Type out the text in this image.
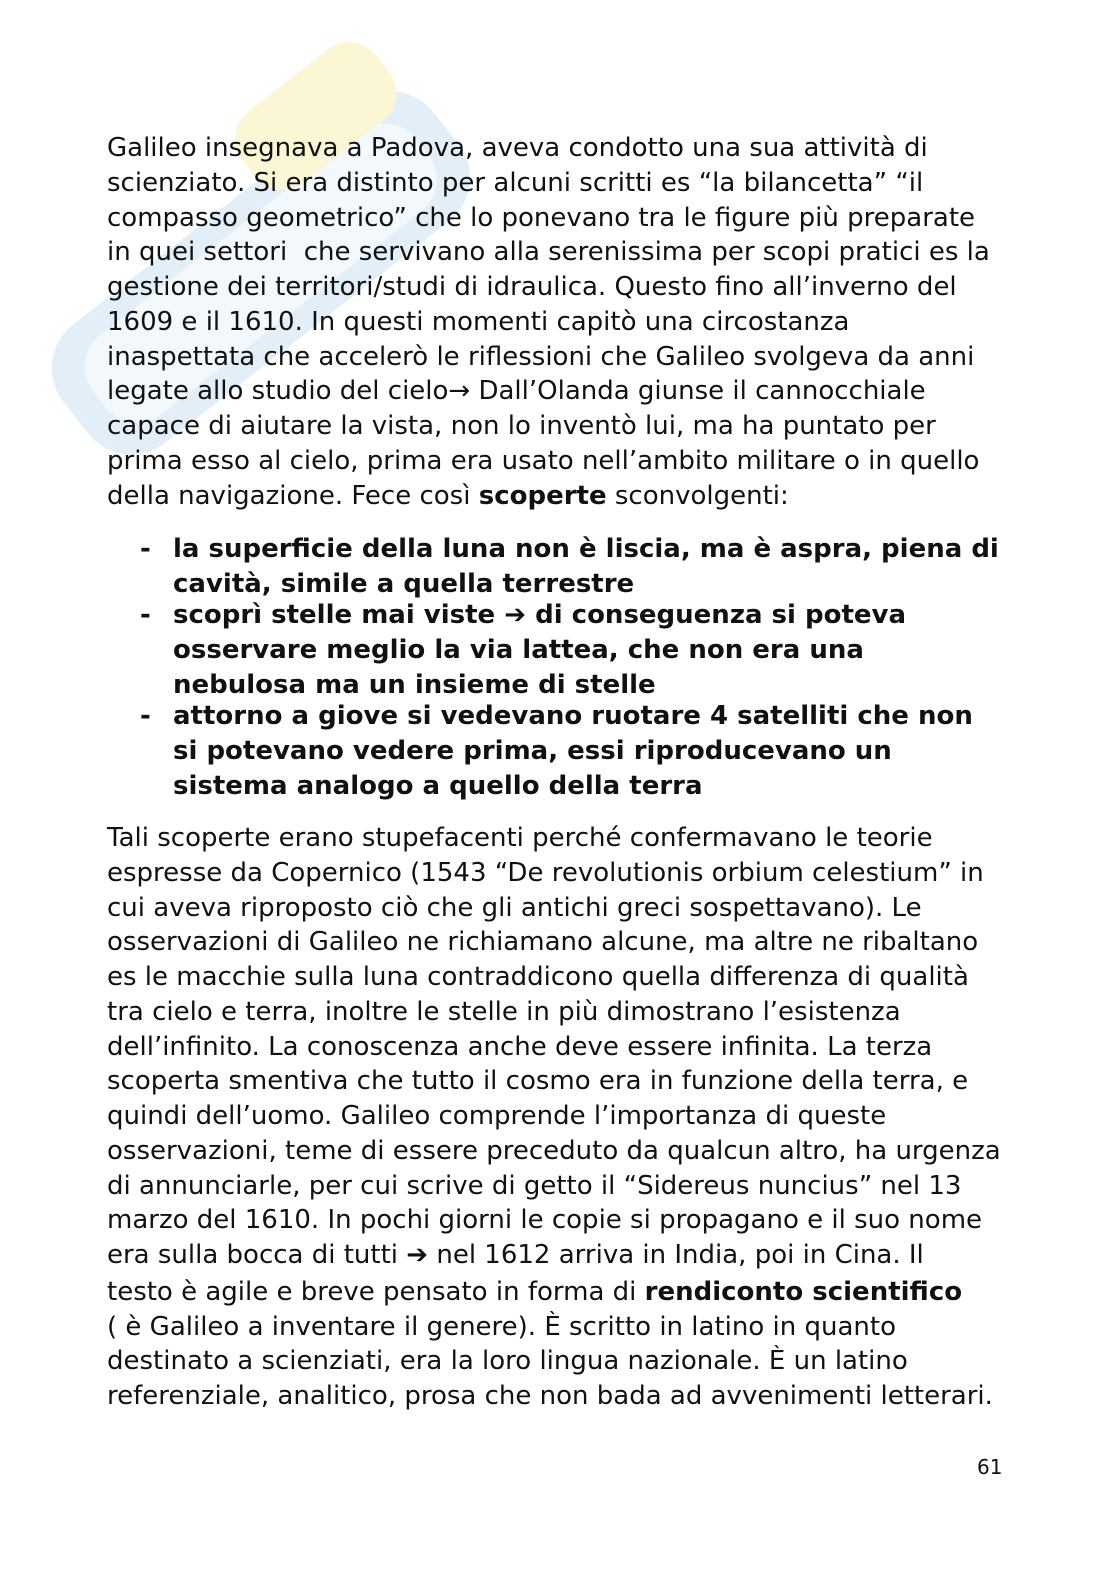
Galileo insegnava a Padova, aveva condotto una sua attività di
scienziato. Si era distinto per alcuni scritti es “la bilancetta” “il
compasso geometrico” che lo ponevano tra le figure più preparate
in quei settori  che servivano alla serenissima per scopi pratici es la
gestione dei territori/studi di idraulica. Questo fino all’inverno del
1609 e il 1610. In questi momenti capitò una circostanza
inaspettata che accelerò le riflessioni che Galileo svolgeva da anni
legate allo studio del cielo→ Dall’Olanda giunse il cannocchiale
capace di aiutare la vista, non lo inventò lui, ma ha puntato per
prima esso al cielo, prima era usato nell’ambito militare o in quello
della navigazione. Fece così scoperte sconvolgenti:
- la superficie della luna non è liscia, ma è aspra, piena di
cavità, simile a quella terrestre
- scoprì stelle mai viste ➔ di conseguenza si poteva
osservare meglio la via lattea, che non era una
nebulosa ma un insieme di stelle
- attorno a giove si vedevano ruotare 4 satelliti che non
si potevano vedere prima, essi riproducevano un
sistema analogo a quello della terra
Tali scoperte erano stupefacenti perché confermavano le teorie
espresse da Copernico (1543 “De revolutionis orbium celestium” in
cui aveva riproposto ciò che gli antichi greci sospettavano). Le
osservazioni di Galileo ne richiamano alcune, ma altre ne ribaltano
es le macchie sulla luna contraddicono quella differenza di qualità
tra cielo e terra, inoltre le stelle in più dimostrano l’esistenza
dell’infinito. La conoscenza anche deve essere infinita. La terza
scoperta smentiva che tutto il cosmo era in funzione della terra, e
quindi dell’uomo. Galileo comprende l’importanza di queste
osservazioni, teme di essere preceduto da qualcun altro, ha urgenza
di annunciarle, per cui scrive di getto il “Sidereus nuncius” nel 13
marzo del 1610. In pochi giorni le copie si propagano e il suo nome
era sulla bocca di tutti ➔ nel 1612 arriva in India, poi in Cina. Il
testo è agile e breve pensato in forma di rendiconto scientifico
( è Galileo a inventare il genere). È scritto in latino in quanto
destinato a scienziati, era la loro lingua nazionale. È un latino
referenziale, analitico, prosa che non bada ad avvenimenti letterari.
61
